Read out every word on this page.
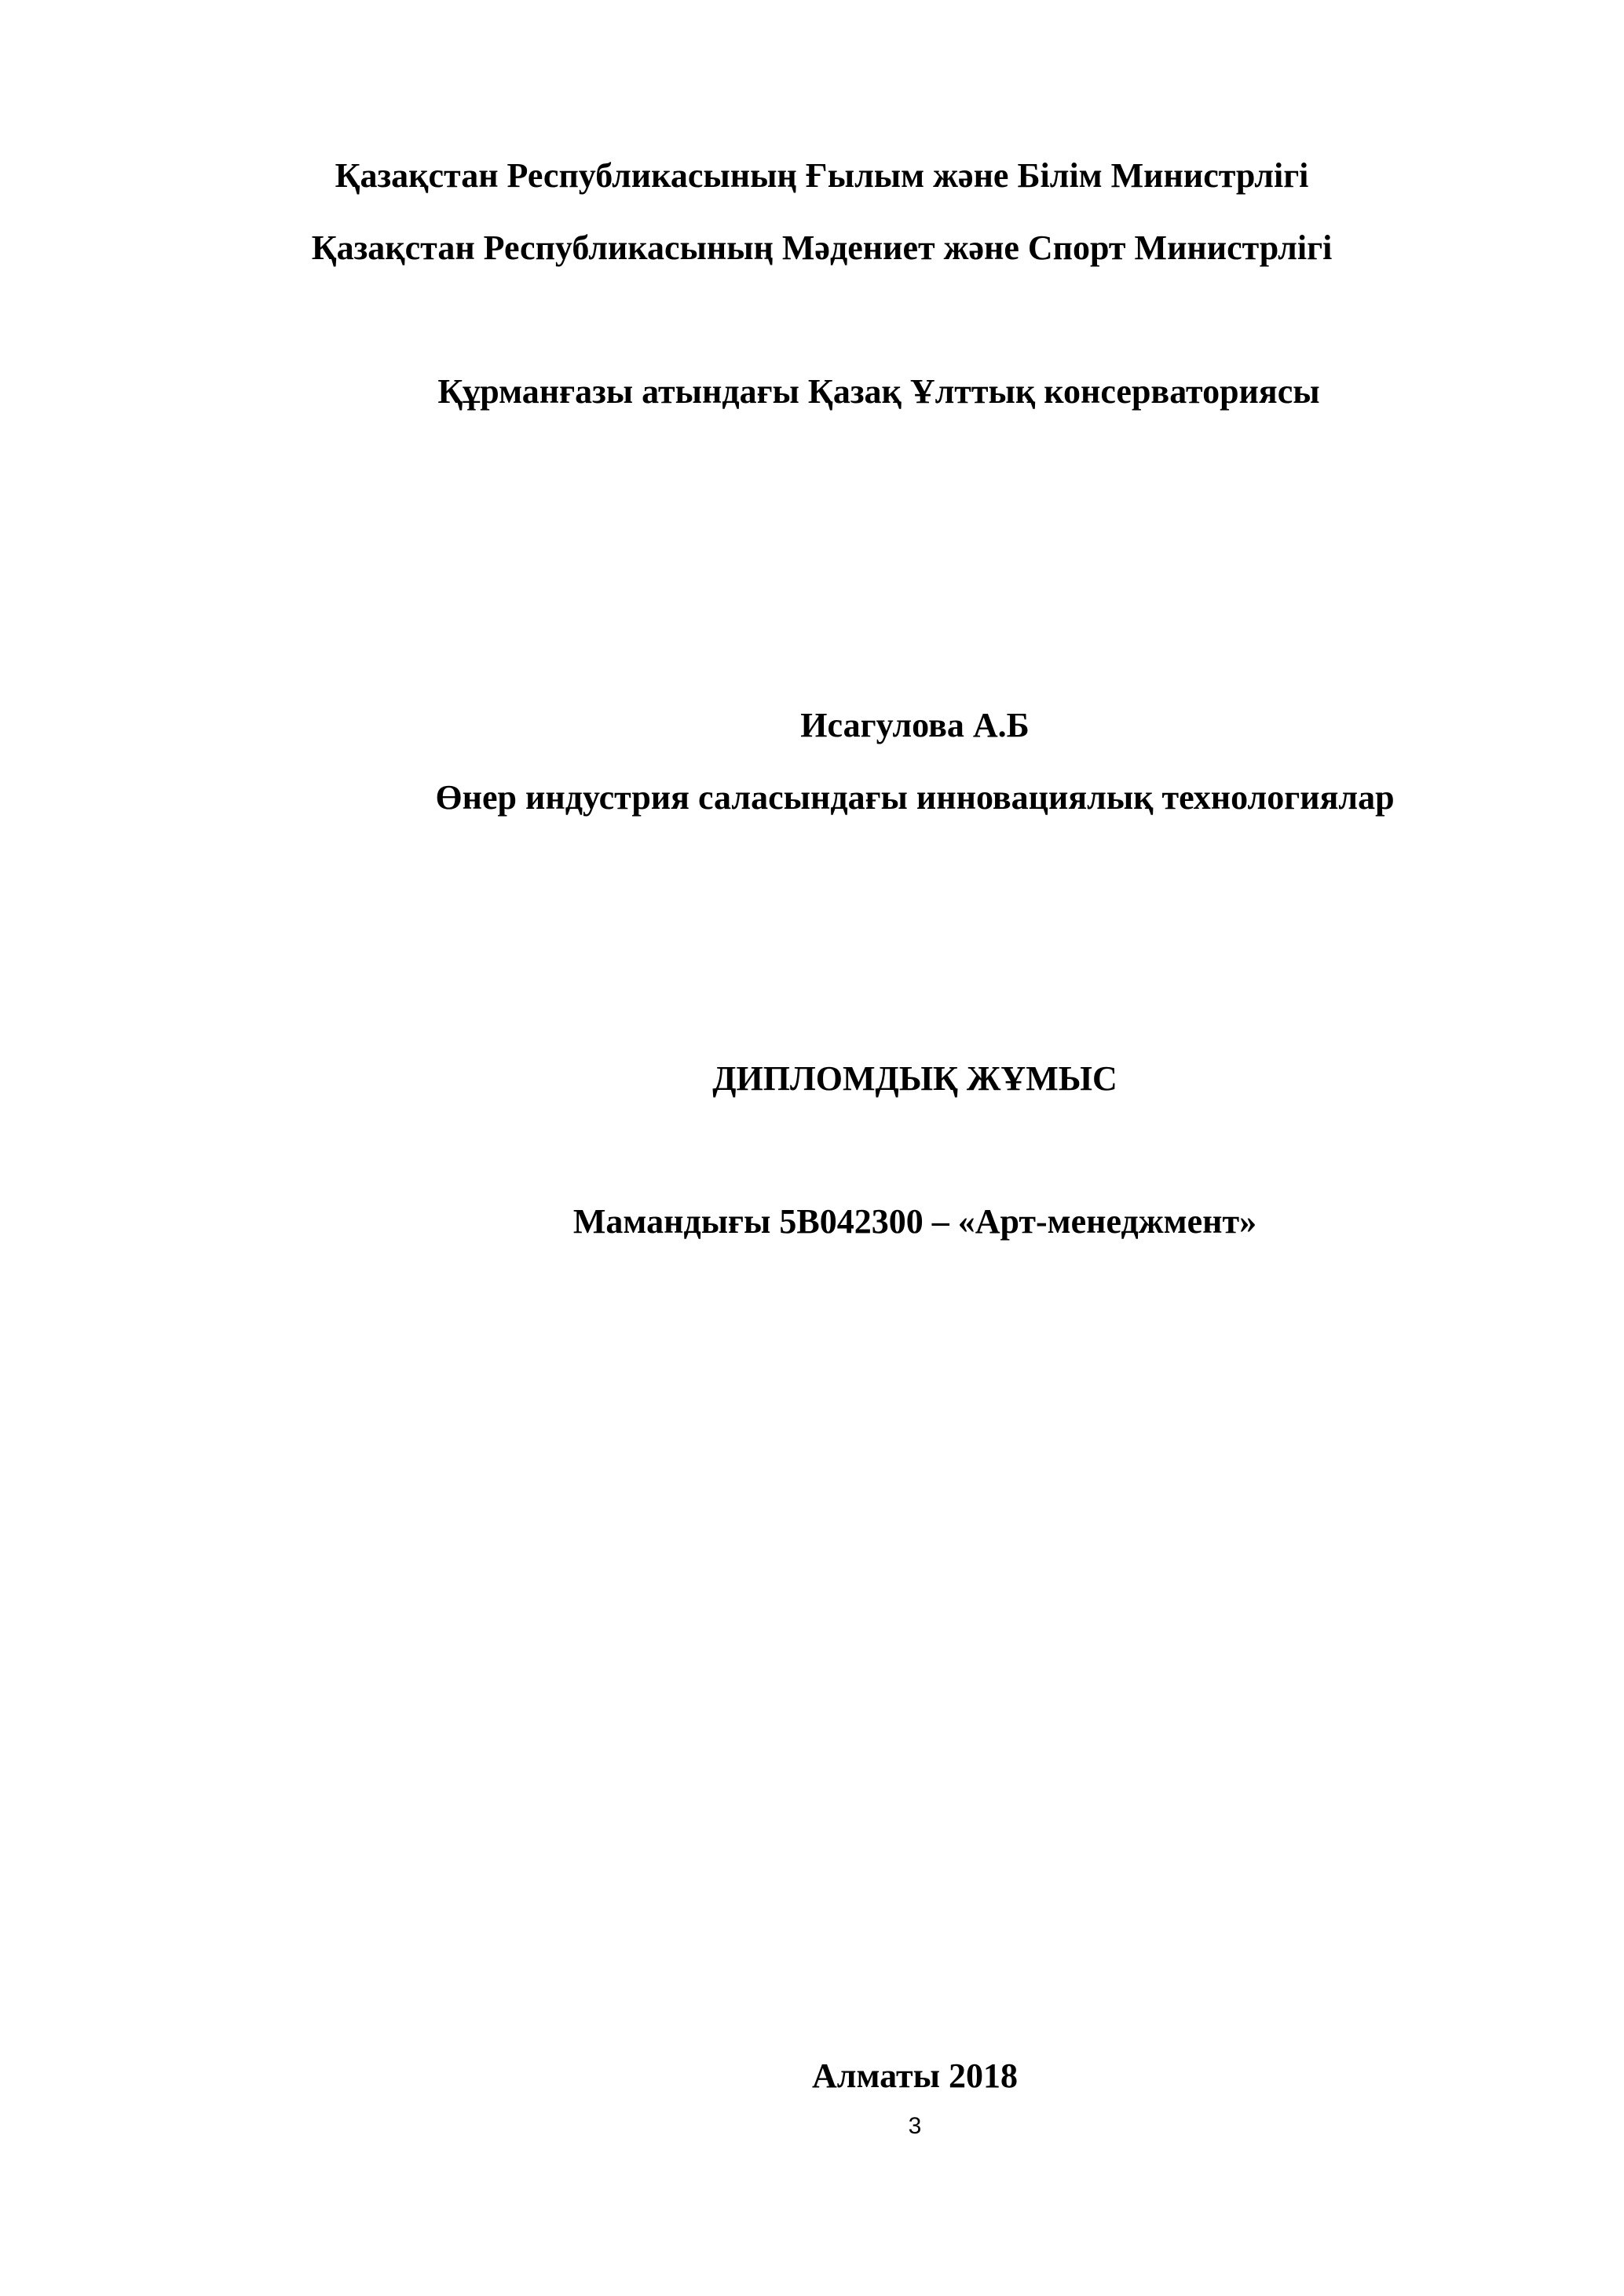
Қазақстан Республикасының Ғылым және Білім Министрлігі
Қазақстан Республикасының Мәдениет және Спорт Министрлігі
Құрманғазы атындағы Қазақ Ұлттық консерваториясы
Исагулова А.Б
Өнер индустрия саласындағы инновациялық технологиялар
ДИПЛОМДЫҚ ЖҰМЫС
Мамандығы 5В042300 – «Арт-менеджмент»
Алматы 2018
3
